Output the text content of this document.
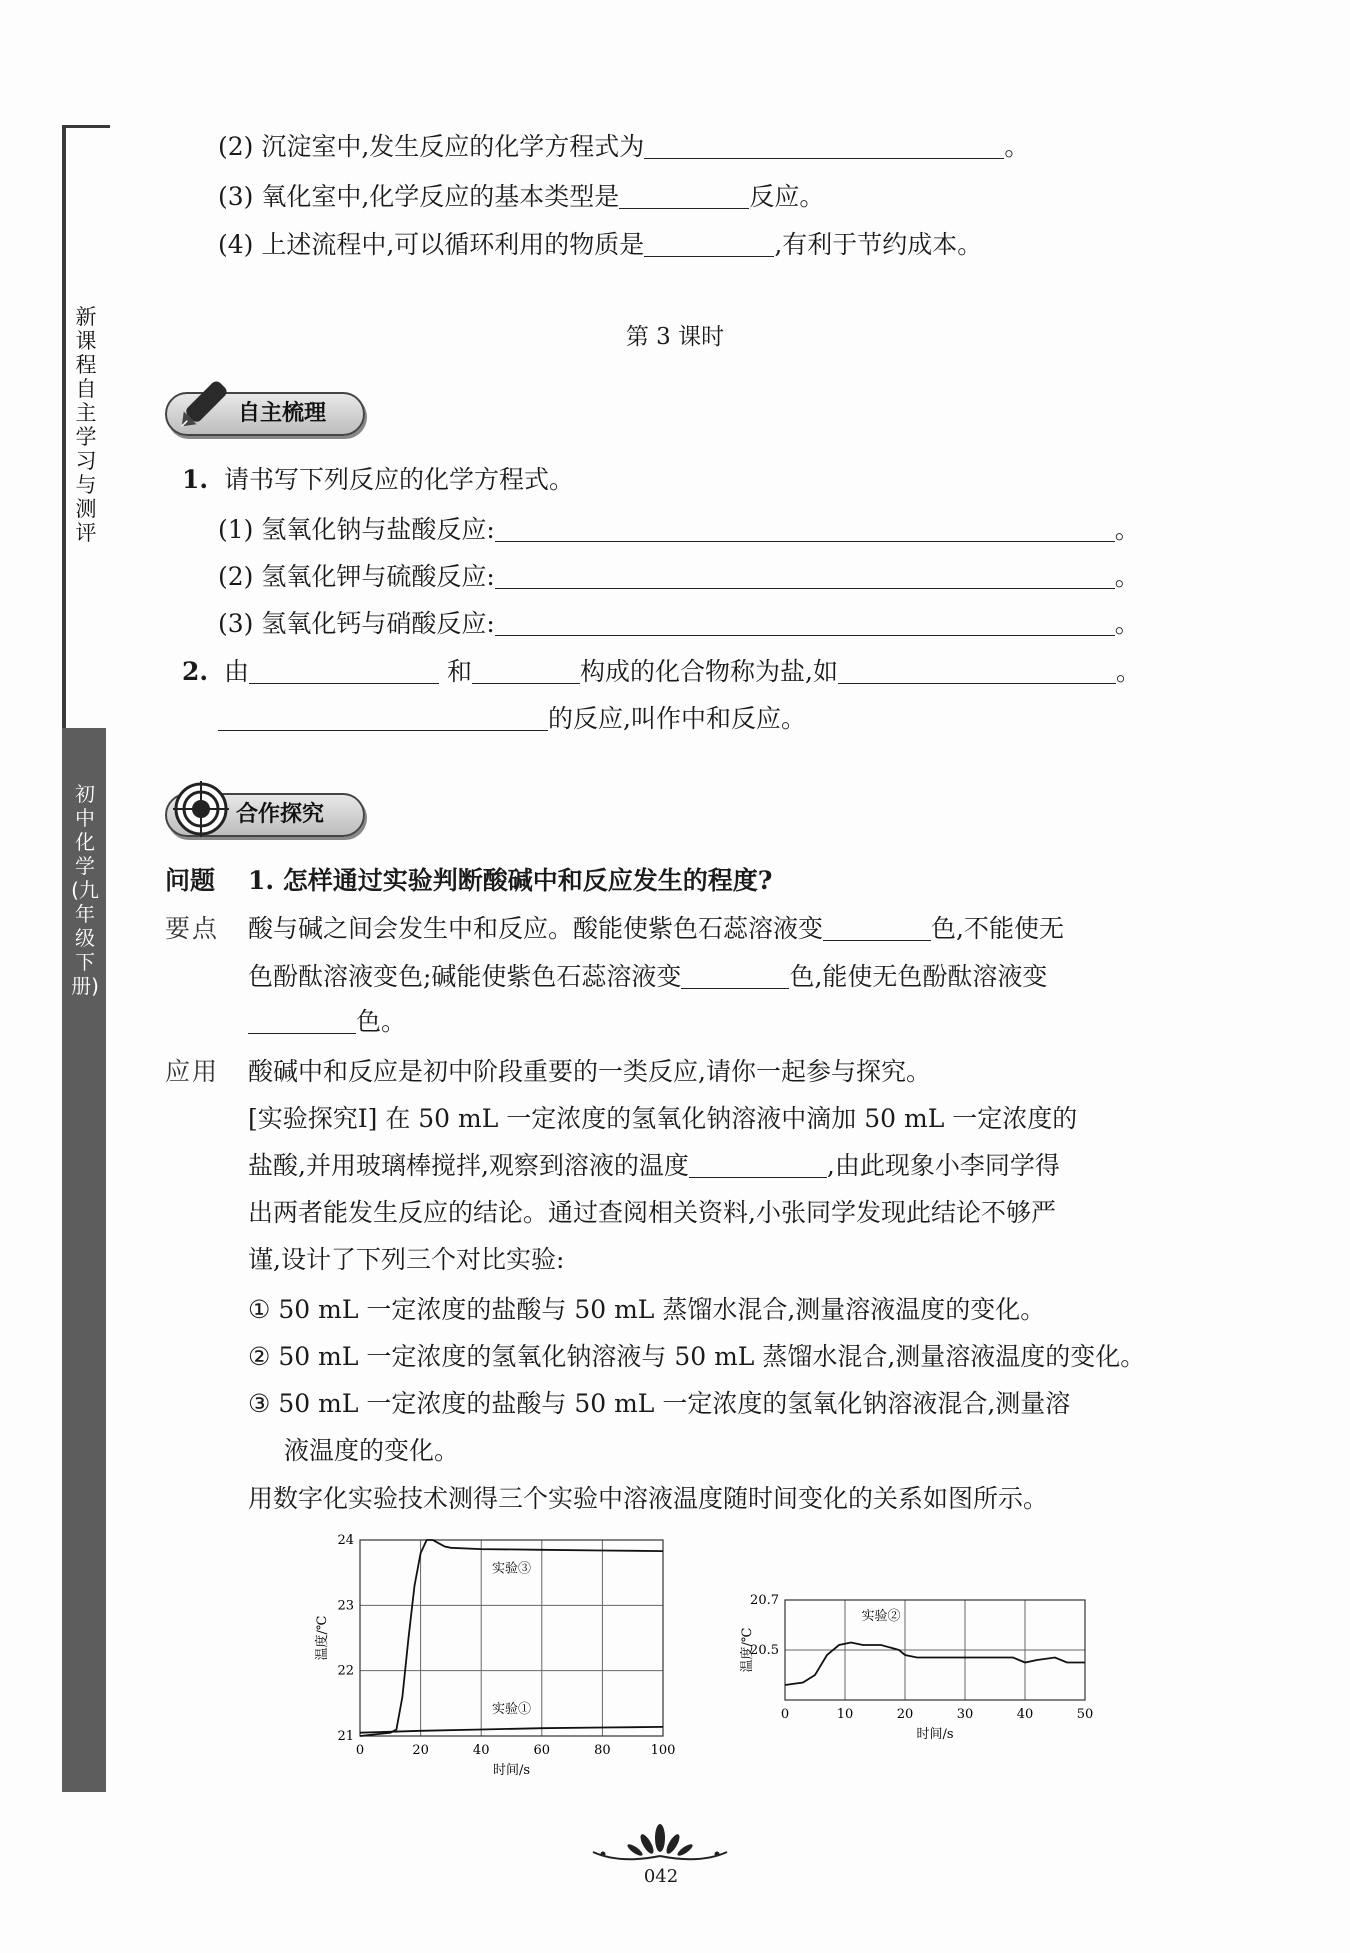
新课程自主学习与测评
初中化学(九年级下册)
(2) 沉淀室中,发生反应的化学方程式为	。
(3) 氧化室中,化学反应的基本类型是	反应。
(4) 上述流程中,可以循环利用的物质是	,有利于节约成本。
第 3 课时
自主梳理
1. 请书写下列反应的化学方程式。
(1) 氢氧化钠与盐酸反应:	。
(2) 氢氧化钾与硫酸反应:	。
(3) 氢氧化钙与硝酸反应:	。
2. 由	和	构成的化合物称为盐,如	。
的反应,叫作中和反应。
合作探究
问题 1. 怎样通过实验判断酸碱中和反应发生的程度?
要点 酸与碱之间会发生中和反应。酸能使紫色石蕊溶液变	色,不能使无
色酚酞溶液变色;碱能使紫色石蕊溶液变	色,能使无色酚酞溶液变
色。
应用 酸碱中和反应是初中阶段重要的一类反应,请你一起参与探究。
[实验探究Ⅰ] 在 50 mL 一定浓度的氢氧化钠溶液中滴加 50 mL 一定浓度的
盐酸,并用玻璃棒搅拌,观察到溶液的温度	,由此现象小李同学得
出两者能发生反应的结论。通过查阅相关资料,小张同学发现此结论不够严
谨,设计了下列三个对比实验:
① 50 mL 一定浓度的盐酸与 50 mL 蒸馏水混合,测量溶液温度的变化。
② 50 mL 一定浓度的氢氧化钠溶液与 50 mL 蒸馏水混合,测量溶液温度的变化。
③ 50 mL 一定浓度的盐酸与 50 mL 一定浓度的氢氧化钠溶液混合,测量溶
液温度的变化。
用数字化实验技术测得三个实验中溶液温度随时间变化的关系如图所示。
0	20	40	60	80	100
21
22
23
24
时间/s
温度/℃
实验③
实验①	0	10	20	30	40	50
20.5
20.7
时间/s
温度/℃
实验②
042
